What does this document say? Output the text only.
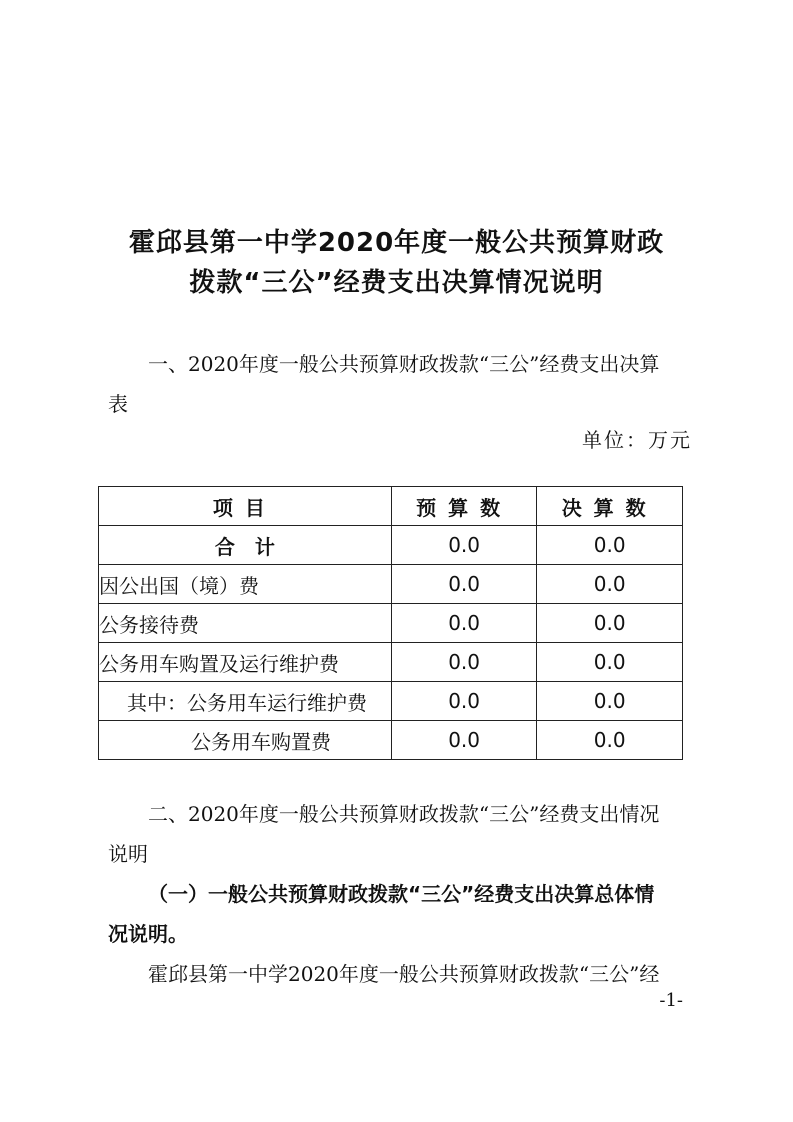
霍邱县第一中学2020年度一般公共预算财政
拨款“三公”经费支出决算情况说明
一、2020年度一般公共预算财政拨款“三公”经费支出决算
表
单位：万元
项目	预算数	决算数
合计	0.0	0.0
因公出国（境）费	0.0	0.0
公务接待费	0.0	0.0
公务用车购置及运行维护费	0.0	0.0
其中：公务用车运行维护费	0.0	0.0
公务用车购置费	0.0	0.0
二、2020年度一般公共预算财政拨款“三公”经费支出情况
说明
（一）一般公共预算财政拨款“三公”经费支出决算总体情
况说明。
霍邱县第一中学2020年度一般公共预算财政拨款“三公”经
-1-
